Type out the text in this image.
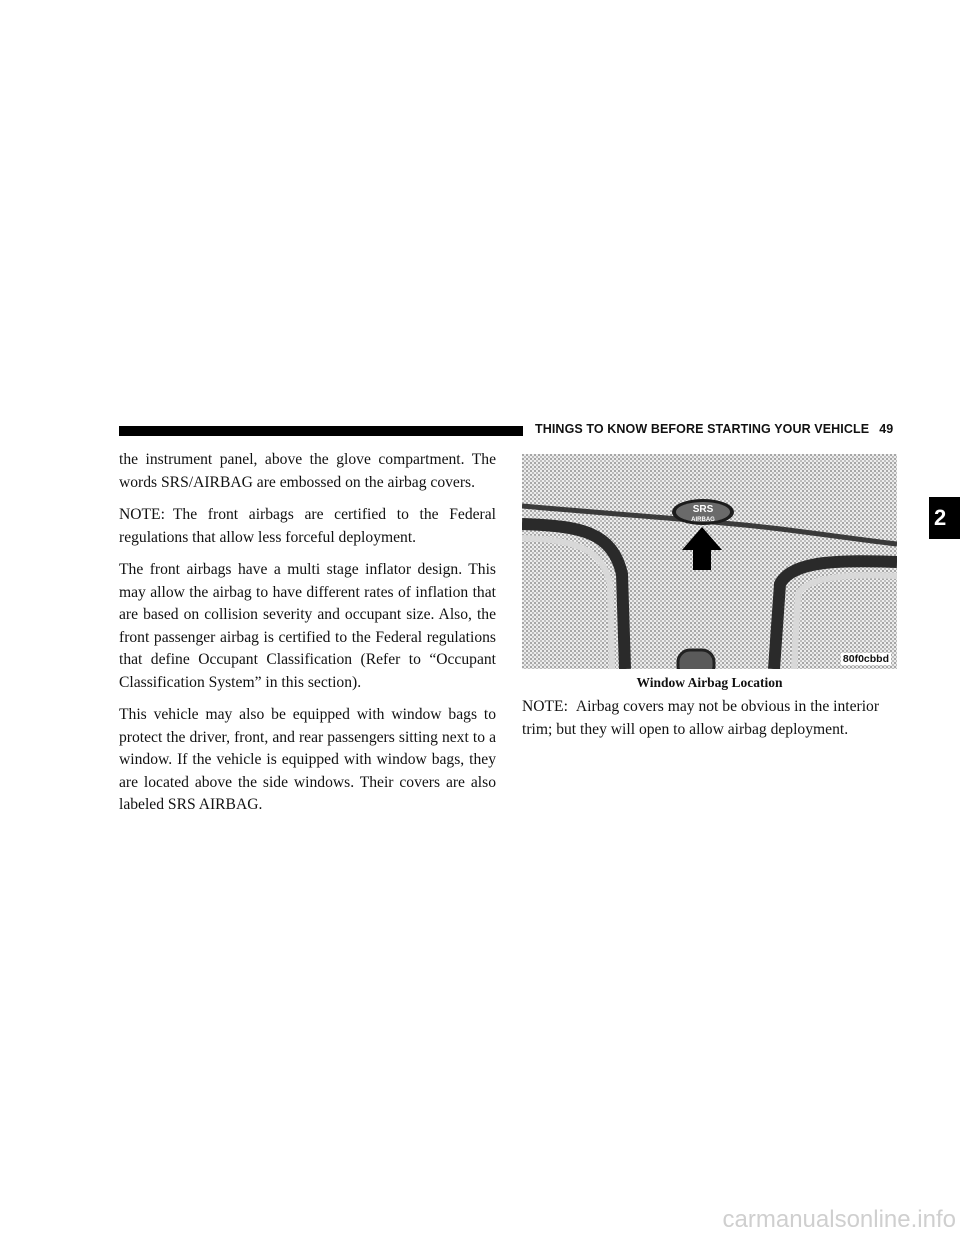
THINGS TO KNOW BEFORE STARTING YOUR VEHICLE 49
2

the instrument panel, above the glove compartment. The words SRS/AIRBAG are embossed on the airbag covers.

NOTE: The front airbags are certified to the Federal regulations that allow less forceful deployment.

The front airbags have a multi stage inflator design. This may allow the airbag to have different rates of inflation that are based on collision severity and occupant size. Also, the front passenger airbag is certified to the Federal regulations that define Occupant Classification (Refer to “Occupant Classification System” in this section).

This vehicle may also be equipped with window bags to protect the driver, front, and rear passengers sitting next to a window. If the vehicle is equipped with window bags, they are located above the side windows. Their covers are also labeled SRS AIRBAG.

SRS
AIRBAG
80f0cbbd
Window Airbag Location
NOTE: Airbag covers may not be obvious in the interior trim; but they will open to allow airbag deployment.
carmanualsonline.info
